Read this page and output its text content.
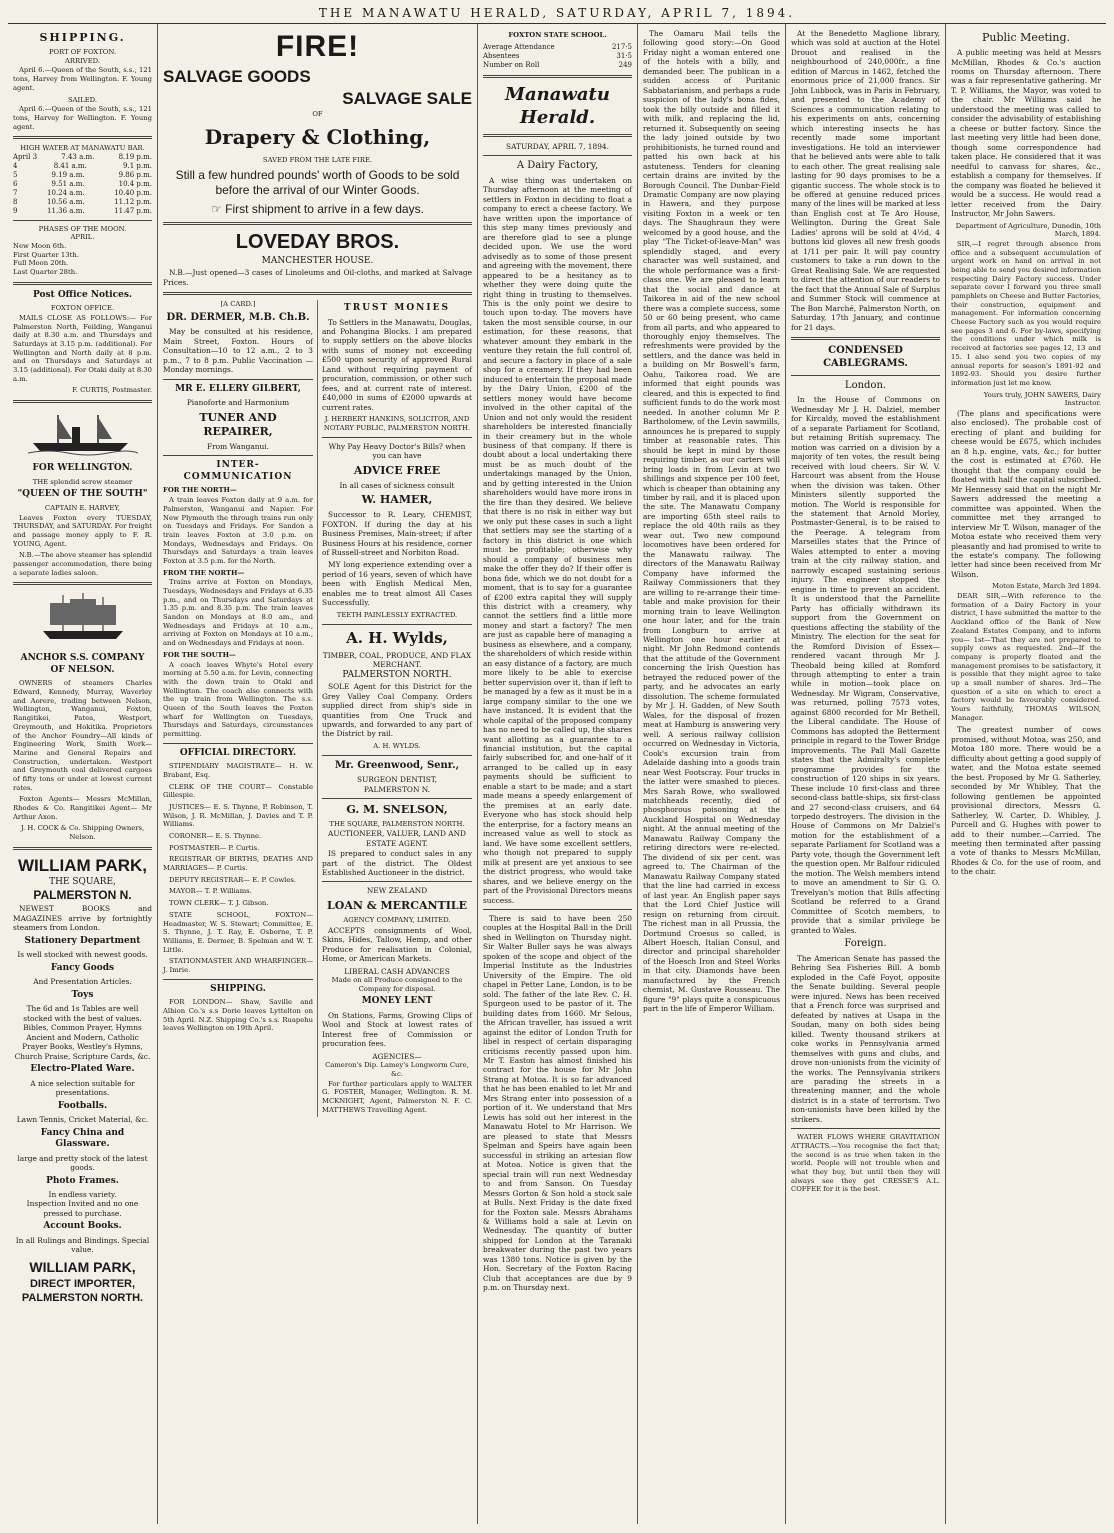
THE MANAWATU HERALD, SATURDAY, APRIL 7, 1894.
SHIPPING.
PORT OF FOXTON.
ARRIVED.

April 6.—Queen of the South, s.s., 121 tons, Harvey from Wellington. F. Young agent.

SAILED.

April 6.—Queen of the South, s.s., 121 tons, Harvey for Wellington. F. Young agent.

HIGH WATER AT MANAWATU BAR.
April 3	7.43 a.m.	8.19 p.m.
4	8.41 a.m.	9.1 p.m.
5	9.19 a.m.	9.86 p.m.
6	9.51 a.m.	10.4 p.m.
7	10.24 a.m.	10.40 p.m.
8	10.56 a.m.	11.12 p.m.
9	11.36 a.m.	11.47 p.m.
PHASES OF THE MOON.
APRIL.
New Moon 6th.
First Quarter 13th.
Full Moon 20th.
Last Quarter 28th.
Post Office Notices.
FOXTON OFFICE.

MAILS CLOSE AS FOLLOWS:— For Palmerston North, Feilding, Wanganui daily at 8.30 a.m. and Thursdays and Saturdays at 3.15 p.m. (additional). For Wellington and North daily at 8 p.m. and on Thursdays and Saturdays at 3.15 (additional). For Otaki daily at 8.30 a.m.

F. CURTIS, Postmaster.
FOR WELLINGTON.
THE splendid screw steamer
"QUEEN OF THE SOUTH"
CAPTAIN E. HARVEY,

Leaves Foxton every TUESDAY, THURSDAY, and SATURDAY. For freight and passage money apply to F. R. YOUNG, Agent.

N.B.—The above steamer has splendid passenger accommodation, there being a separate ladies saloon.

ANCHOR S.S. COMPANY OF NELSON.

OWNERS of steamers Charles Edward, Kennedy, Murray, Waverley and Aorere, trading between Nelson, Wellington, Wanganui, Foxton, Rangitikei, Patea, Westport, Greymouth, and Hokitika. Proprietors of the Anchor Foundry—All kinds of Engineering Work, Smith Work—Marine and General Repairs and Construction, undertaken. Westport and Greymouth coal delivered cargoes of fifty tons or under at lowest current rates.

Foxton Agents— Messrs McMillan, Rhodes & Co. Rangitikei Agent— Mr Arthur Axon.

J. H. COCK & Co. Shipping Owners, Nelson.
WILLIAM PARK,
THE SQUARE,
PALMERSTON N.

NEWEST BOOKS and MAGAZINES arrive by fortnightly steamers from London.

Stationery Department
Is well stocked with newest goods.
Fancy Goods
And Presentation Articles.
Toys
The 6d and 1s Tables are well stocked with the best of values.
Bibles, Common Prayer, Hymns Ancient and Modern, Catholic Prayer Books, Westley's Hymns, Church Praise, Scripture Cards, &c.
Electro-Plated Ware.
A nice selection suitable for presentations.
Footballs.
Lawn Tennis, Cricket Material, &c.
Fancy China and Glassware.
large and pretty stock of the latest goods.
Photo Frames.
In endless variety.
Inspection Invited and no one pressed to purchase.
Account Books.
In all Rulings and Bindings. Special value.
WILLIAM PARK,
DIRECT IMPORTER,
PALMERSTON NORTH.
FIRE!
SALVAGE GOODS
SALVAGE SALE
OF
Drapery & Clothing,
SAVED FROM THE LATE FIRE.
Still a few hundred pounds' worth of Goods to be sold before the arrival of our Winter Goods.
☞ First shipment to arrive in a few days.
LOVEDAY BROS.
MANCHESTER HOUSE.

N.B.—Just opened—3 cases of Linoleums and Oil-cloths, and marked at Salvage Prices.

[A CARD.]
DR. DERMER, M.B. Ch.B.

May be consulted at his residence, Main Street, Foxton. Hours of Consultation—10 to 12 a.m., 2 to 3 p.m., 7 to 8 p.m. Public Vaccination — Monday mornings.

MR E. ELLERY GILBERT,
Pianoforte and Harmonium
TUNER AND REPAIRER,
From Wanganui.
INTER-COMMUNICATION
FOR THE NORTH—

A train leaves Foxton daily at 9 a.m. for Palmerston, Wanganui and Napier. For New Plymouth the through trains run only on Tuesdays and Fridays. For Sandon a train leaves Foxton at 3.0 p.m. on Mondays, Wednesdays and Fridays. On Thursdays and Saturdays a train leaves Foxton at 3.5 p.m. for the North.

FROM THE NORTH—

Trains arrive at Foxton on Mondays, Tuesdays, Wednesdays and Fridays at 6.35 p.m., and on Thursdays and Saturdays at 1.35 p.m. and 8.35 p.m. The train leaves Sandon on Mondays at 8.0 am., and Wednesdays and Fridays at 10 a.m., arriving at Foxton on Mondays at 10 a.m., and on Wednesdays and Fridays at noon.

FOR THE SOUTH—

A coach leaves Whyte's Hotel every morning at 5.50 a.m. for Levin, connecting with the down train to Otaki and Wellington. The coach also connects with the up train from Wellington. The s.s. Queen of the South leaves the Foxton wharf for Wellington on Tuesdays, Thursdays and Saturdays, circumstances permitting.

OFFICIAL DIRECTORY.

STIPENDIARY MAGISTRATE— H. W. Brabant, Esq.

CLERK OF THE COURT— Constable Gillespie.

JUSTICES— E. S. Thynne, P. Robinson, T. Wilson, J. R. McMillan, J. Davies and T. P. Williams.

CORONER— E. S. Thynne.

POSTMASTER— P. Curtis.

REGISTRAR OF BIRTHS, DEATHS AND MARRIAGES— P. Curtis.

DEPUTY REGISTRAR— E. P. Cowles.

MAYOR— T. P. Williams.

TOWN CLERK— T. J. Gibson.

STATE SCHOOL, FOXTON— Headmaster, W. S. Stewart; Committee, E. S. Thynne, J. T. Ray, E. Osborne, T. P. Williams, E. Dermer, B. Spelman and W. T. Little.

STATIONMASTER AND WHARFINGER— J. Imrie.

SHIPPING.

FOR LONDON— Shaw, Saville and Albion Co.'s s.s Dorie leaves Lyttelton on 5th April. N.Z. Shipping Co.'s s.s. Ruapehu leaves Wellington on 19th April.

TRUST MONIES

To Settlers in the Manawatu, Douglas, and Pohangina Blocks. I am prepared to supply settlers on the above blocks with sums of money not exceeding £500 upon security of approved Rural Land without requiring payment of procuration, commission, or other such fees, and at current rate of interest. £40,000 in sums of £2000 upwards at current rates.

J. HERBERT HANKINS, SOLICITOR, AND NOTARY PUBLIC, PALMERSTON NORTH.
Why Pay Heavy Doctor's Bills? when you can have
ADVICE FREE
In all cases of sickness consult
W. HAMER,

Successor to R. Leary, CHEMIST, FOXTON. If during the day at his Business Premises, Main-street; if after Business Hours at his residence, corner of Russell-street and Norbiton Road.

MY long experience extending over a period of 16 years, seven of which have been with English Medical Men, enables me to treat almost All Cases Successfully.

TEETH PAINLESSLY EXTRACTED.
A. H. Wylds,
TIMBER, COAL, PRODUCE, AND FLAX MERCHANT.
PALMERSTON NORTH.

SOLE Agent for this District for the Grey Valley Coal Company. Orders supplied direct from ship's side in quantities from One Truck and upwards, and forwarded to any part of the District by rail.

A. H. WYLDS.
Mr. Greenwood, Senr.,
SURGEON DENTIST,
PALMERSTON N.
G. M. SNELSON,
THE SQUARE, PALMERSTON NORTH.
AUCTIONEER, VALUER, LAND AND ESTATE AGENT.

IS prepared to conduct sales in any part of the district. The Oldest Established Auctioneer in the district.

NEW ZEALAND
LOAN & MERCANTILE
AGENCY COMPANY, LIMITED.

ACCEPTS consignments of Wool, Skins, Hides, Tallow, Hemp, and other Produce for realisation in Colonial, Home, or American Markets.

LIBERAL CASH ADVANCES
Made on all Produce consigned to the Company for disposal.
MONEY LENT

On Stations, Farms, Growing Clips of Wool and Stock at lowest rates of Interest free of Commission or procuration fees.

AGENCIES—
Cameron's Dip. Lamey's Longworm Cure, &c.

For further particulars apply to WALTER G. FOSTER, Manager, Wellington. R. M. MCKNIGHT, Agent, Palmerston N. F. C. MATTHEWS Travelling Agent.

FOXTON STATE SCHOOL.
Average Attendance	217·5
Absentees	31·5
Number on Roll	249
Manawatu Herald.
SATURDAY, APRIL 7, 1894.
A Dairy Factory,

A wise thing was undertaken on Thursday afternoon at the meeting of settlers in Foxton in deciding to float a company to erect a cheese factory. We have written upon the importance of this step many times previously and are therefore glad to see a plunge decided upon. We use the word advisedly as to some of those present and agreeing with the movement, there appeared to be a hesitancy as to whether they were doing quite the right thing in trusting to themselves. This is the only point we desire to touch upon to-day. The movers have taken the most sensible course, in our estimation, for these reasons, that whatever amount they embark in the venture they retain the full control of, and secure a factory in place of a sale shop for a creamery. If they had been induced to entertain the proposal made by the Dairy Union, £200 of the settlers money would have become involved in the other capital of the Union and not only would the resident shareholders be interested financially in their creamery but in the whole business of that company. If there is doubt about a local undertaking there must be as much doubt of the undertakings managed by the Union, and by getting interested in the Union shareholders would have more irons in the fire than they desired. We believe that there is no risk in either way but we only put these cases in such a light that settlers may see the starting of a factory in this district is one which must be profitable; otherwise why should a company of business men make the offer they do? If their offer is bona fide, which we do not doubt for a moment, that is to say for a guarantee of £200 extra capital they will supply this district with a creamery, why cannot the settlers find a little more money and start a factory? The men are just as capable here of managing a business as elsewhere, and a company, the shareholders of which reside within an easy distance of a factory, are much more likely to be able to exercise better supervision over it, than if left to be managed by a few as it must be in a large company similar to the one we have instanced. It is evident that the whole capital of the proposed company has no need to be called up, the shares want allotting as a guarantee to a financial institution, but the capital fairly subscribed for, and one-half of it arranged to be called up in easy payments should be sufficient to enable a start to be made; and a start made means a speedy enlargement of the premises at an early date. Everyone who has stock should help the enterprise, for a factory means an increased value as well to stock as land. We have some excellent settlers, who though not prepared to supply milk at present are yet anxious to see the district progress, who would take shares, and we believe energy on the part of the Provisional Directors means success.

There is said to have been 250 couples at the Hospital Ball in the Drill shed in Wellington on Thursday night. Sir Walter Buller says he was always spoken of the scope and object of the Imperial Institute as the Industries University of the Empire. The old chapel in Petter Lane, London, is to be sold. The father of the late Rev. C. H. Spurgeon used to be pastor of it. The building dates from 1660. Mr Selous, the African traveller, has issued a writ against the editor of London Truth for libel in respect of certain disparaging criticisms recently passed upon him. Mr T. Easton has almost finished his contract for the house for Mr John Strang at Motoa. It is so far advanced that he has been enabled to let Mr and Mrs Strang enter into possession of a portion of it. We understand that Mrs Lewis has sold out her interest in the Manawatu Hotel to Mr Harrison. We are pleased to state that Messrs Spelman and Speirs have again been successful in striking an artesian flow at Motoa. Notice is given that the special train will run next Wednesday to and from Sanson. On Tuesday Messrs Gorton & Son hold a stock sale at Bulls. Next Friday is the date fixed for the Foxton sale. Messrs Abrahams & Williams hold a sale at Levin on Wednesday. The quantity of butter shipped for London at the Taranaki breakwater during the past two years was 1380 tons. Notice is given by the Hon. Secretary of the Foxton Racing Club that acceptances are due by 9 p.m. on Thursday next.

The Oamaru Mail tells the following good story:—On Good Friday night a woman entered one of the hotels with a billy, and demanded beer. The publican in a sudden access of Puritanic Sabbatarianism, and perhaps a rude suspicion of the lady's bona fides, took the billy outside and filled it with milk, and replacing the lid, returned it. Subsequently on seeing the lady joined outside by two prohibitionists, he turned round and patted his own back at his astuteness. Tenders for cleaning certain drains are invited by the Borough Council. The Dunbar-Field Dramatic Company are now playing in Hawera, and they purpose visiting Foxton in a week or ten days. The Shaughraun they were welcomed by a good house, and the play "The Ticket-of-leave-Man" was splendidly staged, and every character was well sustained, and the whole performance was a first-class one. We are pleased to learn that the social and dance at Taikorea in aid of the new school there was a complete success, some 50 or 60 being present, who came from all parts, and who appeared to thoroughly enjoy themselves. The refreshments were provided by the settlers, and the dance was held in a building on Mr Boswell's farm, Oahu, Taikorea road. We are informed that eight pounds was cleared, and this is expected to find sufficient funds to do the work most needed. In another column Mr P. Bartholomew, of the Levin sawmills, announces he is prepared to supply timber at reasonable rates. This should be kept in mind by those requiring timber, as our carters will bring loads in from Levin at two shillings and sixpence per 100 feet, which is cheaper than obtaining any timber by rail, and it is placed upon the site. The Manawatu Company are importing 65th steel rails to replace the old 40th rails as they wear out. Two new compound locomotives have been ordered for the Manawatu railway. The directors of the Manawatu Railway Company have informed the Railway Commissioners that they are willing to re-arrange their time-table and make provision for their morning train to leave Wellington one hour later, and for the train from Longburn to arrive at Wellington one hour earlier at night. Mr John Redmond contends that the attitude of the Government concerning the Irish Question has betrayed the reduced power of the party, and he advocates an early dissolution. The scheme formulated by Mr J. H. Gadden, of New South Wales, for the disposal of frozen meat at Hamburg is answering very well. A serious railway collision occurred on Wednesday in Victoria, Cook's excursion train from Adelaide dashing into a goods train near West Footscray. Four trucks in the latter were smashed to pieces. Mrs Sarah Rowe, who swallowed matchheads recently, died of phosphorous poisoning at the Auckland Hospital on Wednesday night. At the annual meeting of the Manawatu Railway Company the retiring directors were re-elected. The dividend of six per cent. was agreed to. The Chairman of the Manawatu Railway Company stated that the line had carried in excess of last year. An English paper says that the Lord Chief Justice will resign on returning from circuit. The richest man in all Prussia, the Dortmund Croesus so called, is Albert Hoesch, Italian Consul, and director and principal shareholder of the Hoesch Iron and Steel Works in that city. Diamonds have been manufactured by the French chemist, M. Gustave Rousseau. The figure "9" plays quite a conspicuous part in the life of Emperor William.

At the Benedetto Maglione library, which was sold at auction at the Hotel Drouot and realised in the neighbourhood of 240,000fr., a fine edition of Marcus in 1462, fetched the enormous price of 21,000 francs. Sir John Lubbock, was in Paris in February, and presented to the Academy of Sciences a communication relating to his experiments on ants, concerning which interesting insects he has recently made some important investigations. He told an interviewer that he believed ants were able to talk to each other. The great realising sale lasting for 90 days promises to be a gigantic success. The whole stock is to be offered at genuine reduced prices many of the lines will be marked at less than English cost at Te Aro House, Wellington. During the Great Sale Ladies' aprons will be sold at 4½d, 4 buttons kid gloves all new fresh goods at 1/11 per pair. It will pay country customers to take a run down to the Great Realising Sale. We are requested to direct the attention of our readers to the fact that the Annual Sale of Surplus and Summer Stock will commence at The Bon Marché, Palmerston North, on Saturday, 17th January, and continue for 21 days.

CONDENSED CABLEGRAMS.
London.

In the House of Commons on Wednesday Mr J. H. Dalziel, member for Kircaldy, moved the establishment of a separate Parliament for Scotland, but retaining British supremacy. The motion was carried on a division by a majority of ten votes, the result being received with loud cheers. Sir W. V. Harcourt was absent from the House when the division was taken. Other Ministers silently supported the motion. The World is responsible for the statement that Arnold Morley, Postmaster-General, is to be raised to the Peerage. A telegram from Marseilles states that the Prince of Wales attempted to enter a moving train at the city railway station, and narrowly escaped sustaining serious injury. The engineer stopped the engine in time to prevent an accident. It is understood that the Parnellite Party has officially withdrawn its support from the Government on questions affecting the stability of the Ministry. The election for the seat for the Romford Division of Essex—rendered vacant through Mr J. Theobald being killed at Romford through attempting to enter a train while in motion—took place on Wednesday. Mr Wigram, Conservative, was returned, polling 7573 votes, against 6800 recorded for Mr Bethell, the Liberal candidate. The House of Commons has adopted the Betterment principle in regard to the Tower Bridge improvements. The Pall Mall Gazette states that the Admiralty's complete programme provides for the construction of 120 ships in six years. These include 10 first-class and three second-class battle-ships, six first-class and 27 second-class cruisers, and 64 torpedo destroyers. The division in the House of Commons on Mr Dalziel's motion for the establishment of a separate Parliament for Scotland was a Party vote, though the Government left the question open. Mr Balfour ridiculed the motion. The Welsh members intend to move an amendment to Sir G. O. Trevelyan's motion that Bills affecting Scotland be referred to a Grand Committee of Scotch members, to provide that a similar privilege be granted to Wales.

Foreign.

The American Senate has passed the Behring Sea Fisheries Bill. A bomb exploded in the Café Foyot, opposite the Senate building. Several people were injured. News has been received that a French force was surprised and defeated by natives at Usapa in the Soudan, many on both sides being killed. Twenty thousand strikers at coke works in Pennsylvania armed themselves with guns and clubs, and drove non-unionists from the vicinity of the works. The Pennsylvania strikers are parading the streets in a threatening manner, and the whole district is in a state of terrorism. Two non-unionists have been killed by the strikers.

WATER FLOWS WHERE GRAVITATION ATTRACTS.—You recognise the fact that; the second is as true when taken in the world. People will not trouble when and what they buy, but until then they will always see they get CRESSE'S A.L. COFFEE for it is the best.

Public Meeting.

A public meeting was held at Messrs McMillan, Rhodes & Co.'s auction rooms on Thursday afternoon. There was a fair representative gathering. Mr T. P. Williams, the Mayor, was voted to the chair. Mr Williams said he understood the meeting was called to consider the advisability of establishing a cheese or butter factory. Since the last meeting very little had been done, though some correspondence had taken place. He considered that it was needful to canvass for shares, &c., establish a company for themselves. If the company was floated he believed it would be a success. He would read a letter received from the Dairy Instructor, Mr John Sawers.

Department of Agriculture, Dunedin, 10th March, 1894.

SIR,—I regret through absence from office and a subsequent accumulation of urgent work on hand on arrival in not being able to send you desired information respecting Dairy Factory success. Under separate cover I forward you three small pamphlets on Cheese and Butter Factories, their construction, equipment and management. For information concerning Cheese Factory such as you would require see pages 3 and 6. For by-laws, specifying the conditions under which milk is received at factories see pages 12, 13 and 15. I also send you two copies of my annual reports for season's 1891-92 and 1892-93. Should you desire further information just let me know.

Yours truly, JOHN SAWERS, Dairy Instructor.

(The plans and specifications were also enclosed). The probable cost of erecting of plant and building for cheese would be £675, which includes an 8 h.p. engine, vats, &c.; for butter the cost is estimated at £760. He thought that the company could be floated with half the capital subscribed. Mr Hennessy said that on the night Mr Sawers addressed the meeting a committee was appointed. When the committee met they arranged to interview Mr T. Wilson, manager of the Motoa estate who received them very pleasantly and had promised to write to the estate's company. The following letter had since been received from Mr Wilson.

Moton Estate, March 3rd 1894.

DEAR SIR,—With reference to the formation of a Dairy Factory in your district, I have submitted the matter to the Auckland office of the Bank of New Zealand Estates Company, and to inform you— 1st—That they are not prepared to supply cows as requested. 2nd—If the company is properly floated and the management promises to be satisfactory, it is possible that they might agree to take up a small number of shares. 3rd—The question of a site on which to erect a factory would be favourably considered. Yours faithfully, THOMAS WILSON, Manager.

The greatest number of cows promised, without Motoa, was 250, and Motoa 180 more. There would be a difficulty about getting a good supply of water, and the Motoa estate seemed the best. Proposed by Mr G. Satherley, seconded by Mr Whibley, That the following gentlemen be appointed provisional directors, Messrs G. Satherley, W. Carter, D. Whibley, J. Purcell and G. Hughes with power to add to their number.—Carried. The meeting then terminated after passing a vote of thanks to Messrs McMillan, Rhodes & Co. for the use of room, and to the chair.
